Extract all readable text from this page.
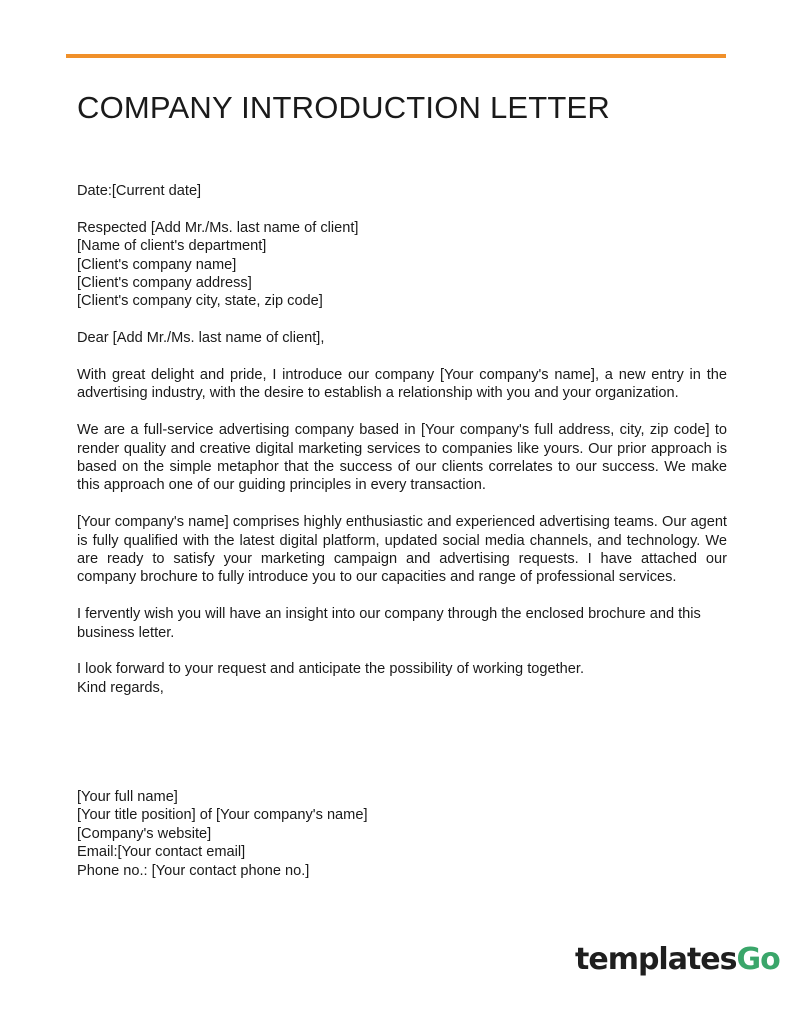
COMPANY INTRODUCTION LETTER

Date:[Current date]

Respected [Add Mr./Ms. last name of client]
[Name of client's department]
[Client's company name]
[Client's company address]
[Client's company city, state, zip code]

Dear [Add Mr./Ms. last name of client],

With great delight and pride, I introduce our company [Your company's name], a new entry in the advertising industry, with the desire to establish a relationship with you and your organization.

We are a full-service advertising company based in [Your company's full address, city, zip code] to render quality and creative digital marketing services to companies like yours. Our prior approach is based on the simple metaphor that the success of our clients correlates to our success. We make this approach one of our guiding principles in every transaction.

[Your company's name] comprises highly enthusiastic and experienced advertising teams. Our agent is fully qualified with the latest digital platform, updated social media channels, and technology. We are ready to satisfy your marketing campaign and advertising requests. I have attached our company brochure to fully introduce you to our capacities and range of professional services.

I fervently wish you will have an insight into our company through the enclosed brochure and this business letter.

I look forward to your request and anticipate the possibility of working together.
Kind regards,

[Your full name]
[Your title position] of [Your company's name]
[Company's website]
Email:[Your contact email]
Phone no.: [Your contact phone no.]
templatesGo
